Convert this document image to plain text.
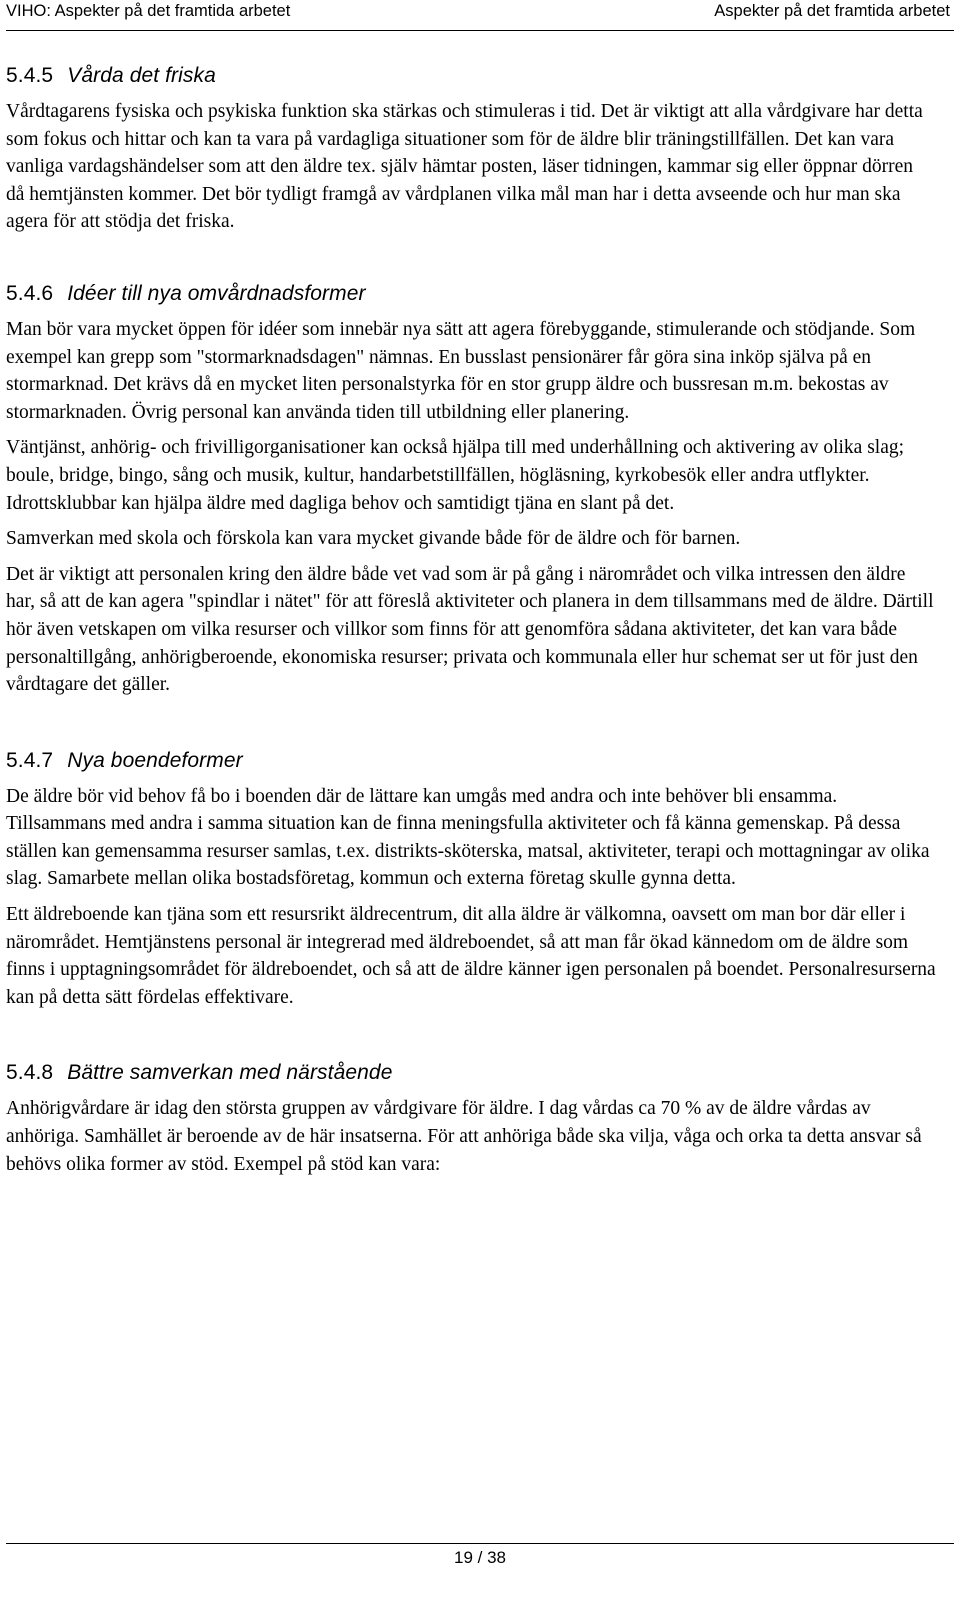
VIHO: Aspekter på det framtida arbetet	Aspekter på det framtida arbetet
5.4.5 Vårda det friska

Vårdtagarens fysiska och psykiska funktion ska stärkas och stimuleras i tid. Det är viktigt att alla vårdgivare har detta som fokus och hittar och kan ta vara på vardagliga situationer som för de äldre blir träningstillfällen. Det kan vara vanliga vardagshändelser som att den äldre tex. själv hämtar posten, läser tidningen, kammar sig eller öppnar dörren då hemtjänsten kommer. Det bör tydligt framgå av vårdplanen vilka mål man har i detta avseende och hur man ska agera för att stödja det friska.

5.4.6 Idéer till nya omvårdnadsformer

Man bör vara mycket öppen för idéer som innebär nya sätt att agera förebyggande, stimulerande och stödjande. Som exempel kan grepp som "stormarknadsdagen" nämnas. En busslast pensionärer får göra sina inköp själva på en stormarknad. Det krävs då en mycket liten personalstyrka för en stor grupp äldre och bussresan m.m. bekostas av stormarknaden. Övrig personal kan använda tiden till utbildning eller planering.

Väntjänst, anhörig- och frivilligorganisationer kan också hjälpa till med underhållning och aktivering av olika slag; boule, bridge, bingo, sång och musik, kultur, handarbetstillfällen, högläsning, kyrkobesök eller andra utflykter. Idrottsklubbar kan hjälpa äldre med dagliga behov och samtidigt tjäna en slant på det.

Samverkan med skola och förskola kan vara mycket givande både för de äldre och för barnen.

Det är viktigt att personalen kring den äldre både vet vad som är på gång i närområdet och vilka intressen den äldre har, så att de kan agera "spindlar i nätet" för att föreslå aktiviteter och planera in dem tillsammans med de äldre. Därtill hör även vetskapen om vilka resurser och villkor som finns för att genomföra sådana aktiviteter, det kan vara både personaltillgång, anhörigberoende, ekonomiska resurser; privata och kommunala eller hur schemat ser ut för just den vårdtagare det gäller.

5.4.7 Nya boendeformer

De äldre bör vid behov få bo i boenden där de lättare kan umgås med andra och inte behöver bli ensamma. Tillsammans med andra i samma situation kan de finna meningsfulla aktiviteter och få känna gemenskap. På dessa ställen kan gemensamma resurser samlas, t.ex. distrikts-sköterska, matsal, aktiviteter, terapi och mottagningar av olika slag. Samarbete mellan olika bostadsföretag, kommun och externa företag skulle gynna detta.

Ett äldreboende kan tjäna som ett resursrikt äldrecentrum, dit alla äldre är välkomna, oavsett om man bor där eller i närområdet. Hemtjänstens personal är integrerad med äldreboendet, så att man får ökad kännedom om de äldre som finns i upptagningsområdet för äldreboendet, och så att de äldre känner igen personalen på boendet. Personalresurserna kan på detta sätt fördelas effektivare.

5.4.8 Bättre samverkan med närstående

Anhörigvårdare är idag den största gruppen av vårdgivare för äldre. I dag vårdas ca 70 % av de äldre vårdas av anhöriga. Samhället är beroende av de här insatserna. För att anhöriga både ska vilja, våga och orka ta detta ansvar så behövs olika former av stöd. Exempel på stöd kan vara:

19 / 38
